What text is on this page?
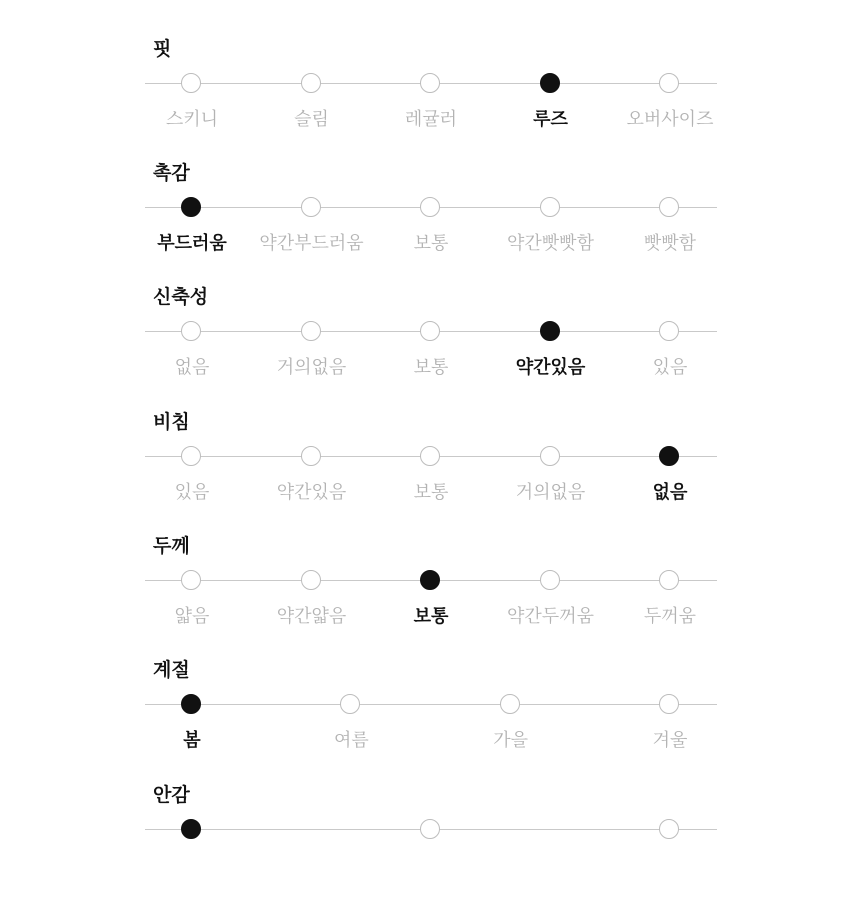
핏
스키니	슬림	레귤러	루즈	오버사이즈
촉감
부드러움	약간부드러움	보통	약간빳빳함	빳빳함
신축성
없음	거의없음	보통	약간있음	있음
비침
있음	약간있음	보통	거의없음	없음
두께
얇음	약간얇음	보통	약간두꺼움	두꺼움
계절
봄	여름	가을	겨울
안감
